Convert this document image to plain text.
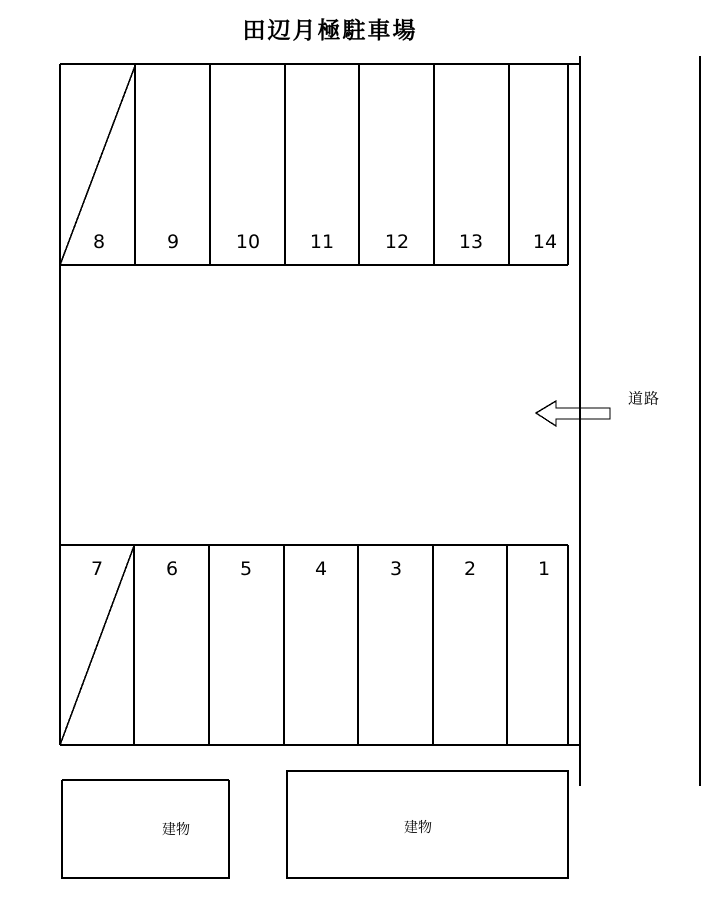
田辺月極駐車場
8	9	10	11	12	13	14
7	6	5	4	3	2	1
建物	建物
道路
